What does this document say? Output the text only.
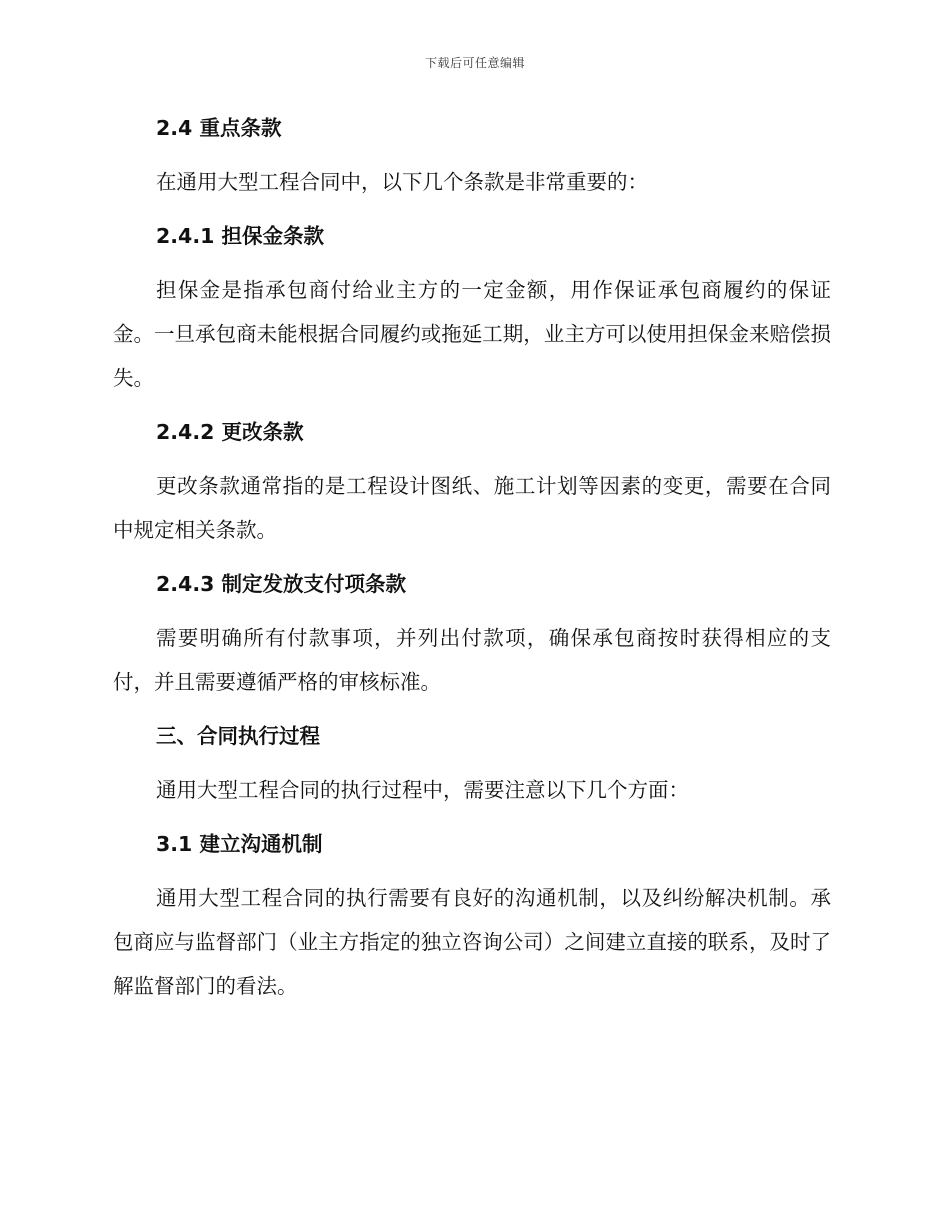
下载后可任意编辑
2.4 重点条款

在通用大型工程合同中，以下几个条款是非常重要的：

2.4.1 担保金条款

担保金是指承包商付给业主方的一定金额，用作保证承包商履约的保证金。一旦承包商未能根据合同履约或拖延工期，业主方可以使用担保金来赔偿损失。

2.4.2 更改条款

更改条款通常指的是工程设计图纸、施工计划等因素的变更，需要在合同中规定相关条款。

2.4.3 制定发放支付项条款

需要明确所有付款事项，并列出付款项，确保承包商按时获得相应的支付，并且需要遵循严格的审核标准。

三、合同执行过程

通用大型工程合同的执行过程中，需要注意以下几个方面：

3.1 建立沟通机制

通用大型工程合同的执行需要有良好的沟通机制，以及纠纷解决机制。承包商应与监督部门（业主方指定的独立咨询公司）之间建立直接的联系，及时了解监督部门的看法。
